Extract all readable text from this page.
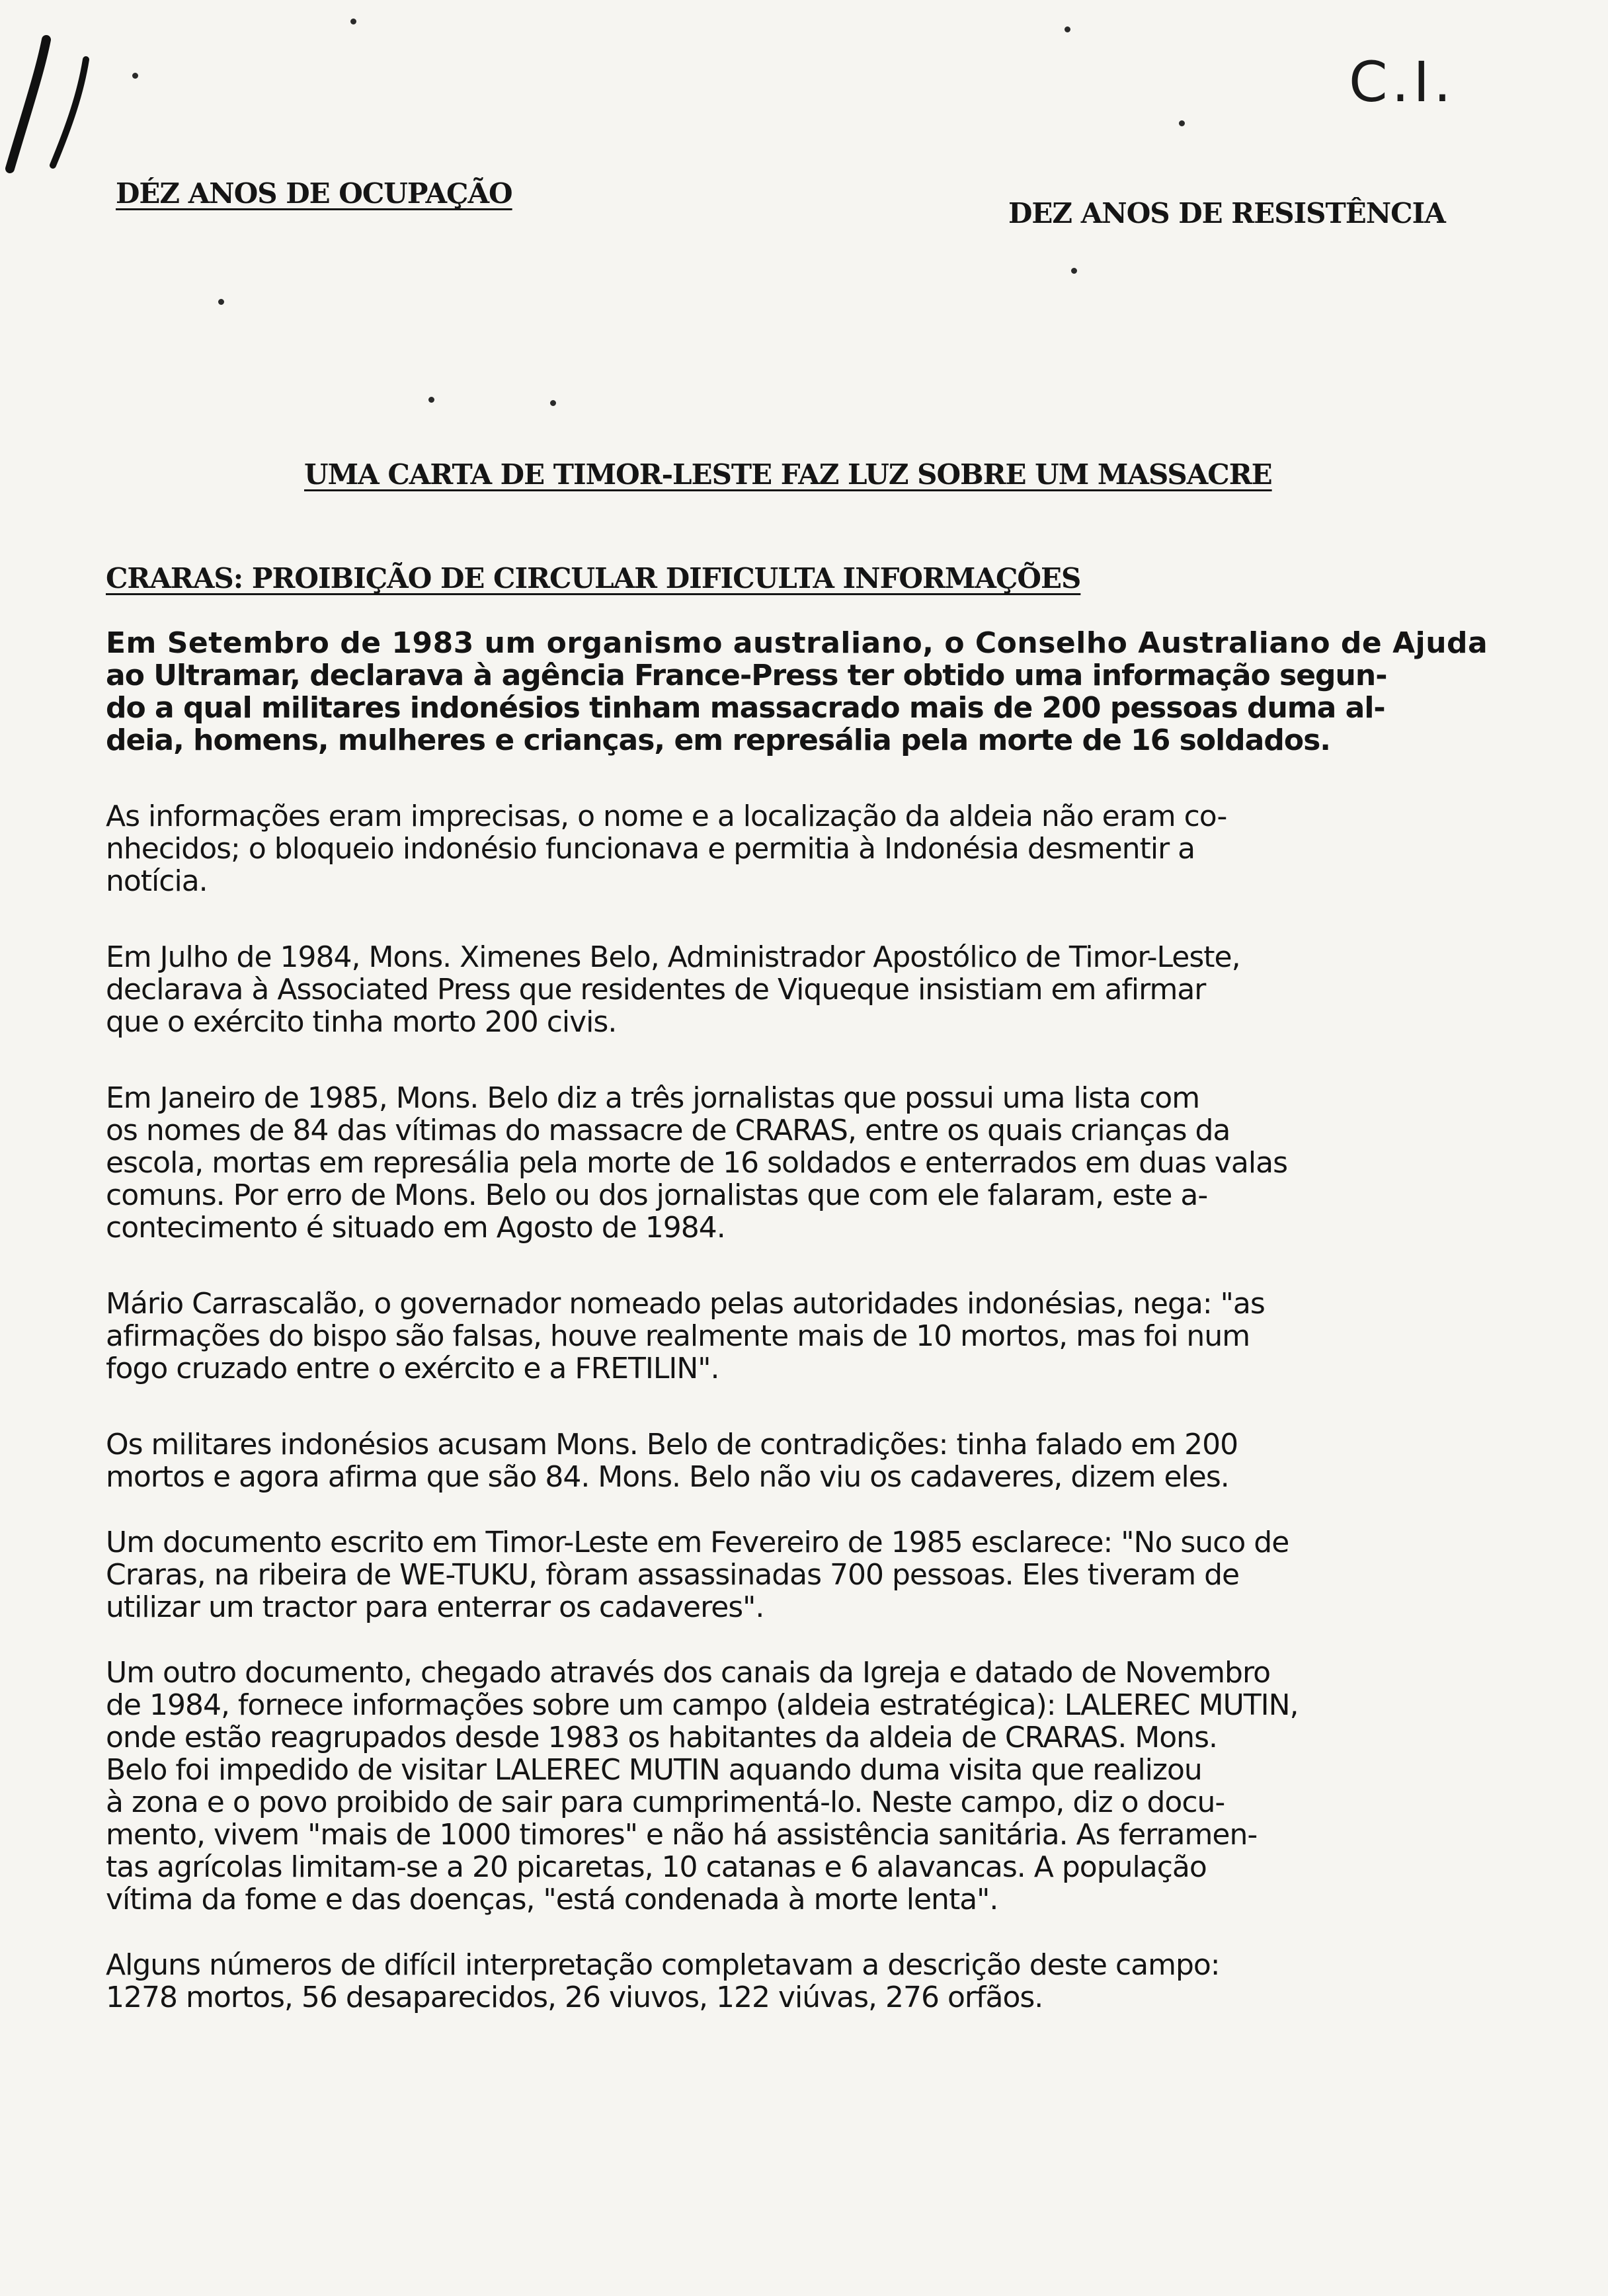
C.I.
DÉZ ANOS DE OCUPAÇÃO
DEZ ANOS DE RESISTÊNCIA
UMA CARTA DE TIMOR-LESTE FAZ LUZ SOBRE UM MASSACRE
CRARAS: PROIBIÇÃO DE CIRCULAR DIFICULTA INFORMAÇÕES
Em Setembro de 1983 um organismo australiano, o Conselho Australiano de Ajuda
ao Ultramar, declarava à agência France-Press ter obtido uma informação segun-
do a qual militares indonésios tinham massacrado mais de 200 pessoas duma al-
deia, homens, mulheres e crianças, em represália pela morte de 16 soldados.
As informações eram imprecisas, o nome e a localização da aldeia não eram co-
nhecidos; o bloqueio indonésio funcionava e permitia à Indonésia desmentir a
notícia.
Em Julho de 1984, Mons. Ximenes Belo, Administrador Apostólico de Timor-Leste,
declarava à Associated Press que residentes de Viqueque insistiam em afirmar
que o exército tinha morto 200 civis.
Em Janeiro de 1985, Mons. Belo diz a três jornalistas que possui uma lista com
os nomes de 84 das vítimas do massacre de CRARAS, entre os quais crianças da
escola, mortas em represália pela morte de 16 soldados e enterrados em duas valas
comuns. Por erro de Mons. Belo ou dos jornalistas que com ele falaram, este a-
contecimento é situado em Agosto de 1984.
Mário Carrascalão, o governador nomeado pelas autoridades indonésias, nega: "as
afirmações do bispo são falsas, houve realmente mais de 10 mortos, mas foi num
fogo cruzado entre o exército e a FRETILIN".
Os militares indonésios acusam Mons. Belo de contradições: tinha falado em 200
mortos e agora afirma que são 84. Mons. Belo não viu os cadaveres, dizem eles.
Um documento escrito em Timor-Leste em Fevereiro de 1985 esclarece: "No suco de
Craras, na ribeira de WE-TUKU, fòram assassinadas 700 pessoas. Eles tiveram de
utilizar um tractor para enterrar os cadaveres".
Um outro documento, chegado através dos canais da Igreja e datado de Novembro
de 1984, fornece informações sobre um campo (aldeia estratégica): LALEREC MUTIN,
onde estão reagrupados desde 1983 os habitantes da aldeia de CRARAS. Mons.
Belo foi impedido de visitar LALEREC MUTIN aquando duma visita que realizou
à zona e o povo proibido de sair para cumprimentá-lo. Neste campo, diz o docu-
mento, vivem "mais de 1000 timores" e não há assistência sanitária. As ferramen-
tas agrícolas limitam-se a 20 picaretas, 10 catanas e 6 alavancas. A população
vítima da fome e das doenças, "está condenada à morte lenta".
Alguns números de difícil interpretação completavam a descrição deste campo:
1278 mortos, 56 desaparecidos, 26 viuvos, 122 viúvas, 276 orfãos.
